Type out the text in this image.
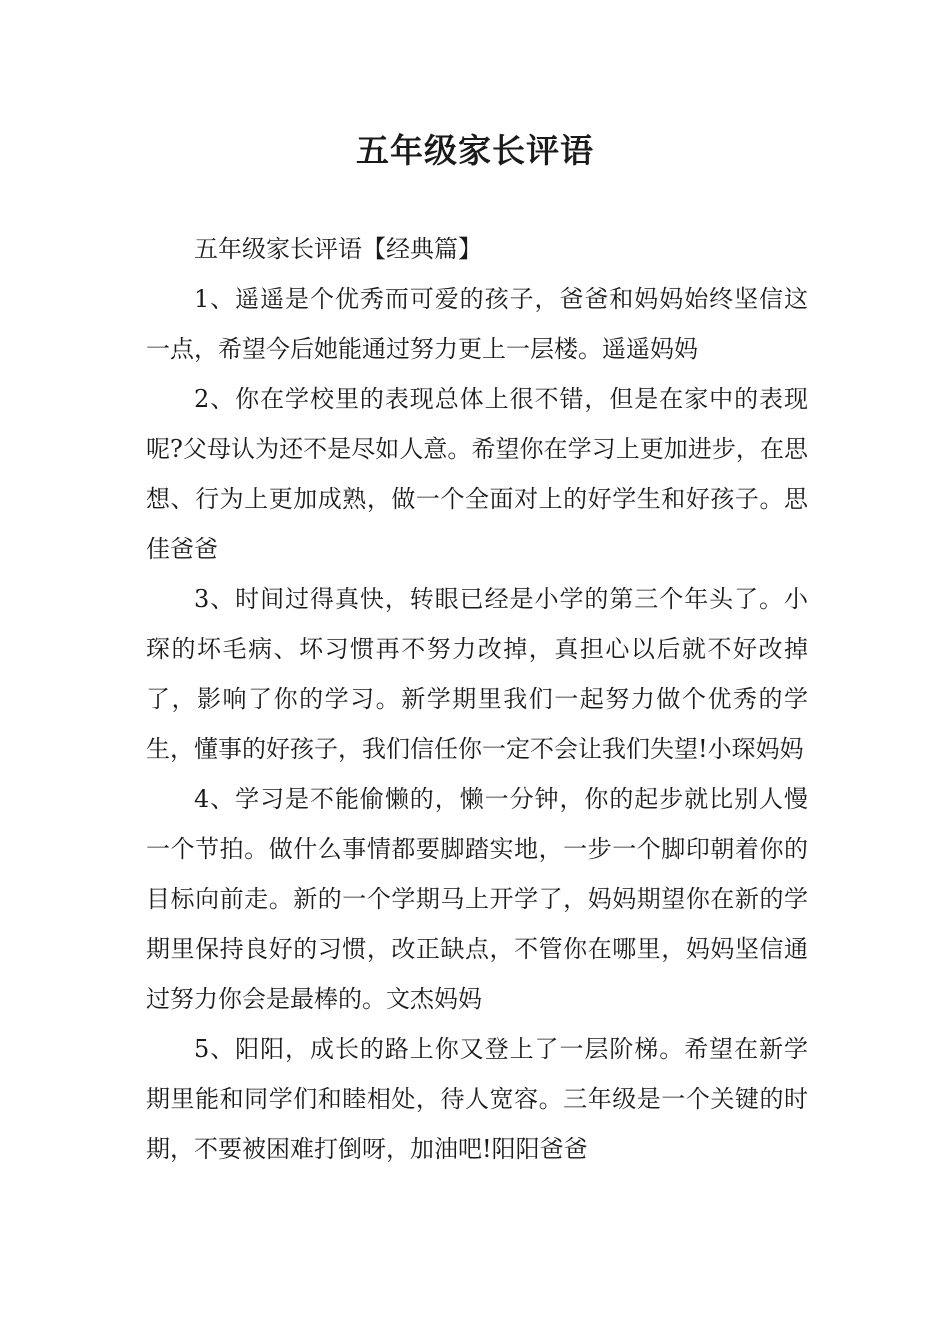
五年级家长评语

五年级家长评语【经典篇】

1、遥遥是个优秀而可爱的孩子，爸爸和妈妈始终坚信这一点，希望今后她能通过努力更上一层楼。遥遥妈妈

2、你在学校里的表现总体上很不错，但是在家中的表现呢?父母认为还不是尽如人意。希望你在学习上更加进步，在思想、行为上更加成熟，做一个全面对上的好学生和好孩子。思佳爸爸

3、时间过得真快，转眼已经是小学的第三个年头了。小琛的坏毛病、坏习惯再不努力改掉，真担心以后就不好改掉了，影响了你的学习。新学期里我们一起努力做个优秀的学生，懂事的好孩子，我们信任你一定不会让我们失望!小琛妈妈

4、学习是不能偷懒的，懒一分钟，你的起步就比别人慢一个节拍。做什么事情都要脚踏实地，一步一个脚印朝着你的目标向前走。新的一个学期马上开学了，妈妈期望你在新的学期里保持良好的习惯，改正缺点，不管你在哪里，妈妈坚信通过努力你会是最棒的。文杰妈妈

5、阳阳，成长的路上你又登上了一层阶梯。希望在新学期里能和同学们和睦相处，待人宽容。三年级是一个关键的时期，不要被困难打倒呀，加油吧!阳阳爸爸
